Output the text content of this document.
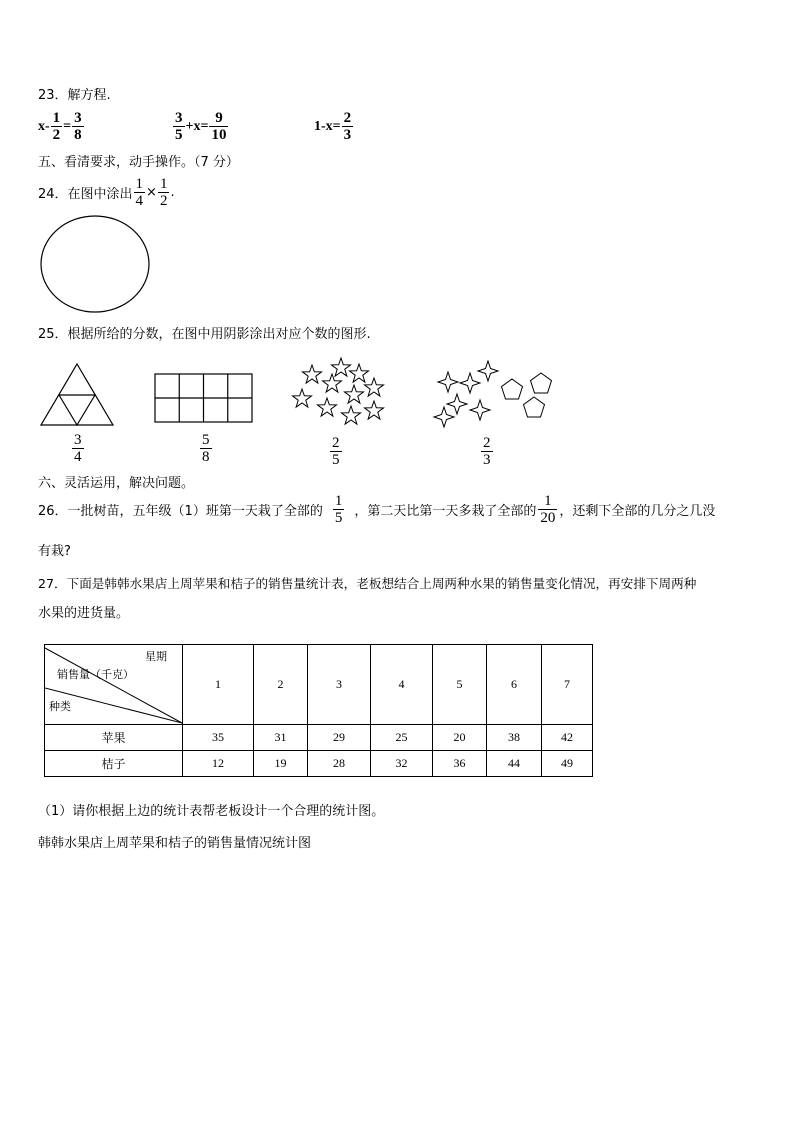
23．解方程.
$x- \frac{1}{2} = \frac{3}{8}$	$\frac{3}{5} +x= \frac{9}{10}$	$1-x= \frac{2}{3}$
五、看清要求，动手操作。（7 分）
24．在图中涂出 $\frac{1}{4} \times \frac{1}{2}$ .
25．根据所给的分数，在图中用阴影涂出对应个数的图形.
$\frac{3}{4}$	$\frac{5}{8}$	$\frac{2}{5}$	$\frac{2}{3}$
六、灵活运用，解决问题。
26．一批树苗，五年级（1）班第一天栽了全部的 $\frac{1}{5}$ ，第二天比第一天多栽了全部的 $\frac{1}{20}$ ，还剩下全部的几分之几没
有栽?
27．下面是韩韩水果店上周苹果和桔子的销售量统计表，老板想结合上周两种水果的销售量变化情况，再安排下周两种
水果的进货量。
星期
销售量（千克）
种类	1	2	3	4	5	6	7
苹果	35	31	29	25	20	38	42
桔子	12	19	28	32	36	44	49
（1）请你根据上边的统计表帮老板设计一个合理的统计图。
韩韩水果店上周苹果和桔子的销售量情况统计图
